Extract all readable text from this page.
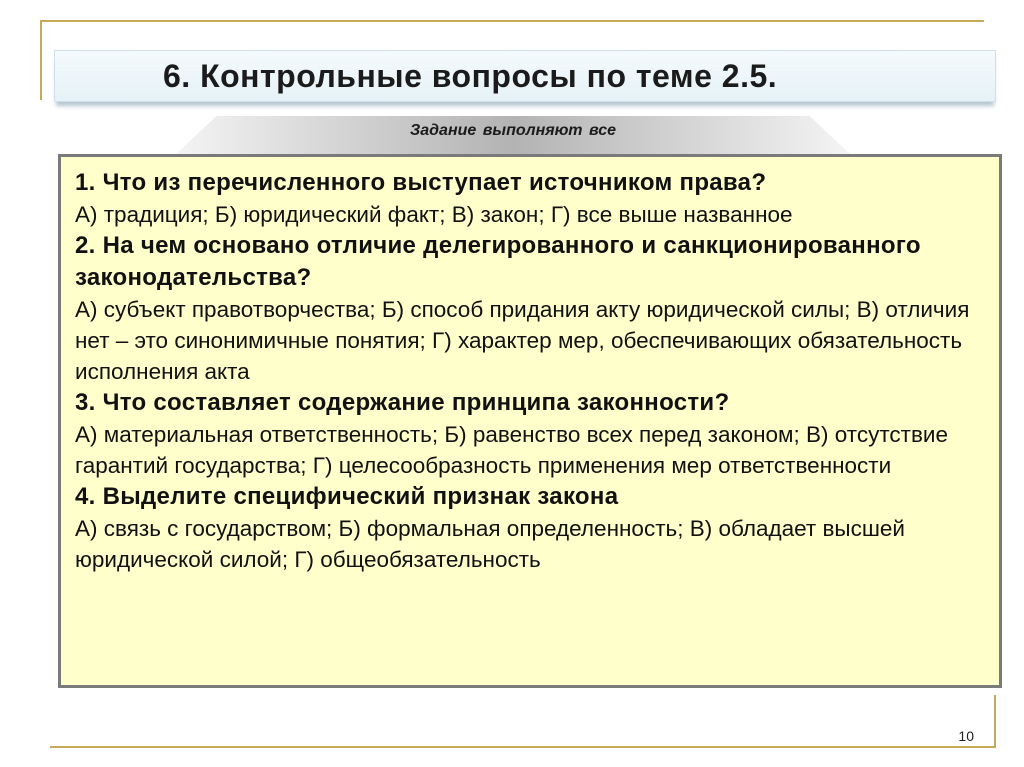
6. Контрольные вопросы по теме 2.5.
Задание выполняют все

1. Что из перечисленного выступает источником права?

А) традиция; Б) юридический факт; В) закон; Г) все выше названное

2. На чем основано отличие делегированного и санкционированного законодательства?

А) субъект правотворчества; Б) способ придания акту юридической силы; В) отличия нет – это синонимичные понятия; Г) характер мер, обеспечивающих обязательность исполнения акта

3. Что составляет содержание принципа законности?

А) материальная ответственность; Б) равенство всех перед законом; В) отсутствие гарантий государства; Г) целесообразность применения мер ответственности

4. Выделите специфический признак закона

А) связь с государством; Б) формальная определенность; В) обладает высшей юридической силой; Г) общеобязательность

10
